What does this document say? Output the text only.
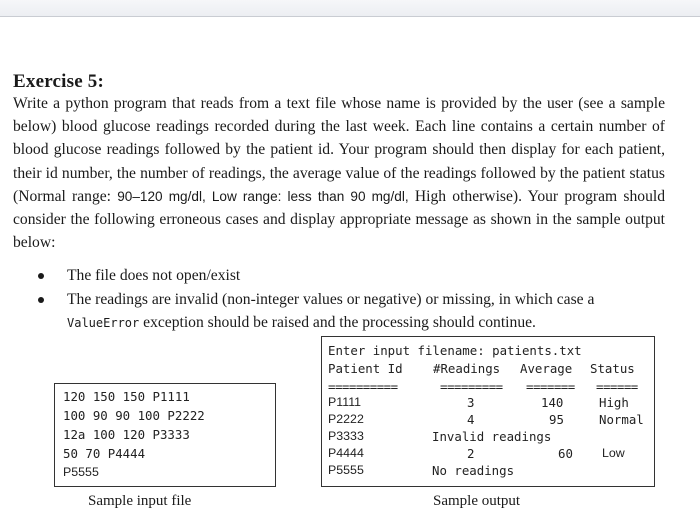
Exercise 5:
Write a python program that reads from a text file whose name is provided by the user (see a sample below) blood glucose readings recorded during the last week. Each line contains a certain number of blood glucose readings followed by the patient id. Your program should then display for each patient, their id number, the number of readings, the average value of the readings followed by the patient status (Normal range: 90–120 mg/dl, Low range: less than 90 mg/dl, High otherwise). Your program should consider the following erroneous cases and display appropriate message as shown in the sample output below:
The file does not open/exist
The readings are invalid (non-integer values or negative) or missing, in which case a
ValueError exception should be raised and the processing should continue.
120 150 150 P1111
100 90 90 100 P2222
12a 100 120 P3333
50 70 P4444
P5555
Sample input file
Enter input filename: patients.txt
Patient Id #Readings Average Status
==========	========= ======= ======
P1111	3	140	High
P2222	4	95	Normal
P3333	Invalid readings
P4444	2	60 Low
P5555	No readings
Sample output
